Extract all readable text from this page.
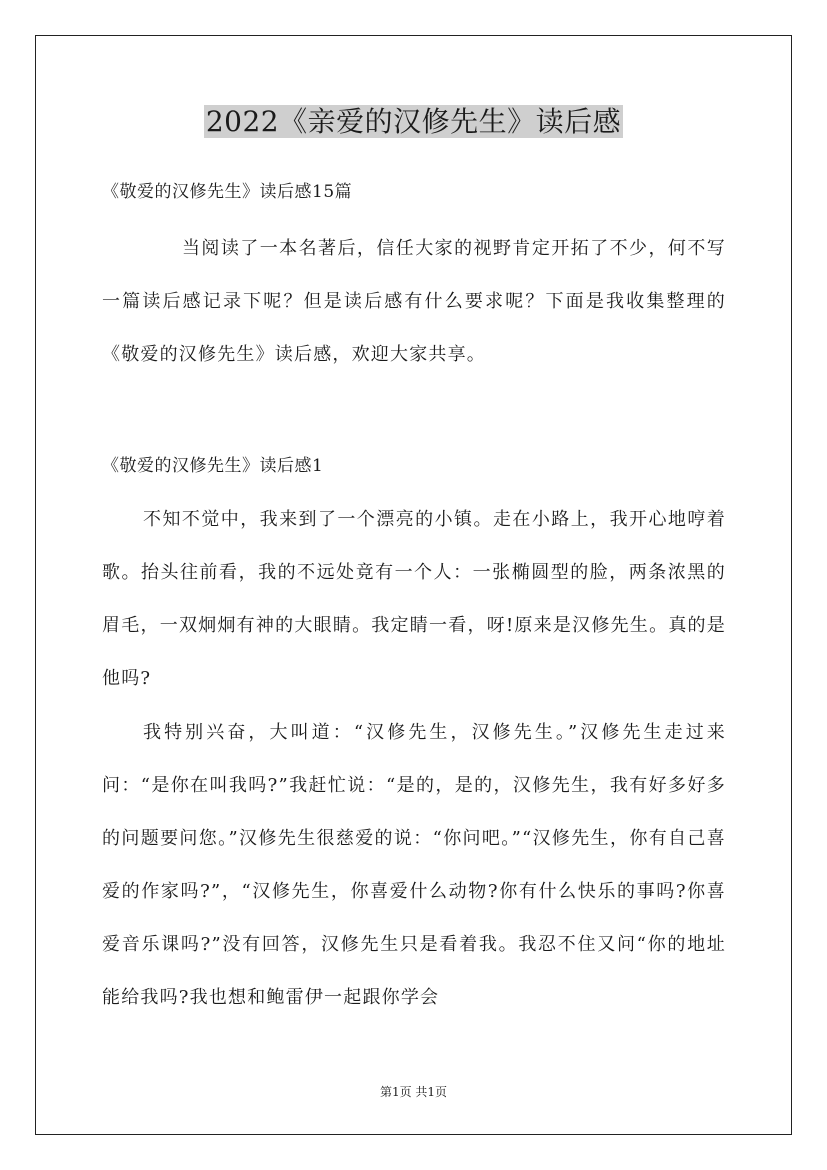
2022《亲爱的汉修先生》读后感

《敬爱的汉修先生》读后感15篇

当阅读了一本名著后，信任大家的视野肯定开拓了不少，何不写一篇读后感记录下呢？但是读后感有什么要求呢？下面是我收集整理的《敬爱的汉修先生》读后感，欢迎大家共享。

《敬爱的汉修先生》读后感1

不知不觉中，我来到了一个漂亮的小镇。走在小路上，我开心地哼着歌。抬头往前看，我的不远处竟有一个人：一张椭圆型的脸，两条浓黑的眉毛，一双炯炯有神的大眼睛。我定睛一看，呀!原来是汉修先生。真的是他吗?

我特别兴奋，大叫道：“汉修先生，汉修先生。”汉修先生走过来问：“是你在叫我吗?”我赶忙说：“是的，是的，汉修先生，我有好多好多的问题要问您。”汉修先生很慈爱的说：“你问吧。”“汉修先生，你有自己喜爱的作家吗?”，“汉修先生，你喜爱什么动物?你有什么快乐的事吗?你喜爱音乐课吗?”没有回答，汉修先生只是看着我。我忍不住又问“你的地址能给我吗?我也想和鲍雷伊一起跟你学会

第1页 共1页
